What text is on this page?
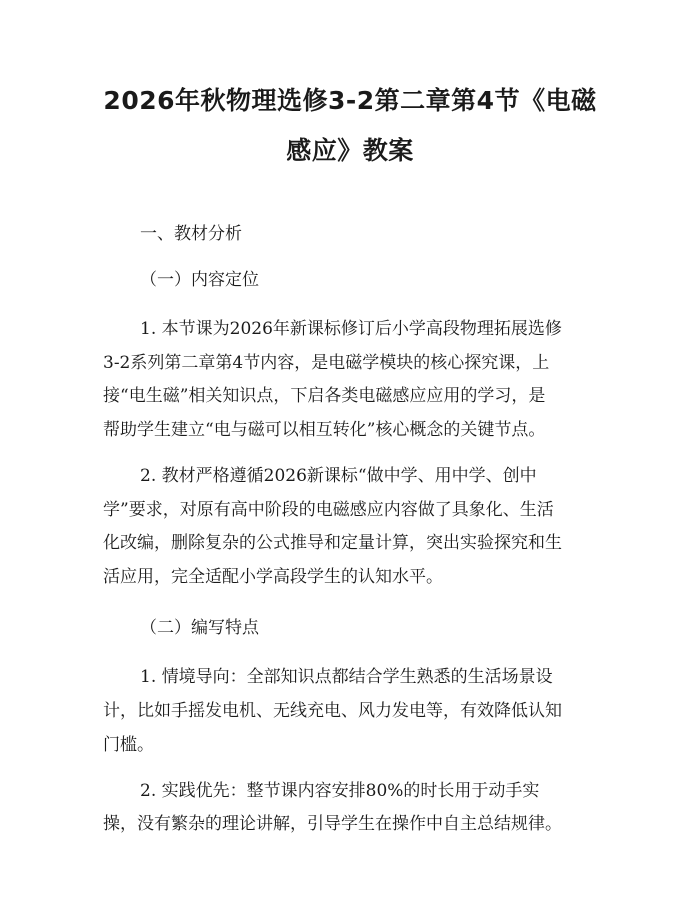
2026年秋物理选修3-2第二章第4节《电磁
感应》教案
一、教材分析
（一）内容定位
1. 本节课为2026年新课标修订后小学高段物理拓展选修
3-2系列第二章第4节内容，是电磁学模块的核心探究课，上
接“电生磁”相关知识点，下启各类电磁感应应用的学习，是
帮助学生建立“电与磁可以相互转化”核心概念的关键节点。
2. 教材严格遵循2026新课标“做中学、用中学、创中
学”要求，对原有高中阶段的电磁感应内容做了具象化、生活
化改编，删除复杂的公式推导和定量计算，突出实验探究和生
活应用，完全适配小学高段学生的认知水平。
（二）编写特点
1. 情境导向：全部知识点都结合学生熟悉的生活场景设
计，比如手摇发电机、无线充电、风力发电等，有效降低认知
门槛。
2. 实践优先：整节课内容安排80%的时长用于动手实
操，没有繁杂的理论讲解，引导学生在操作中自主总结规律。
